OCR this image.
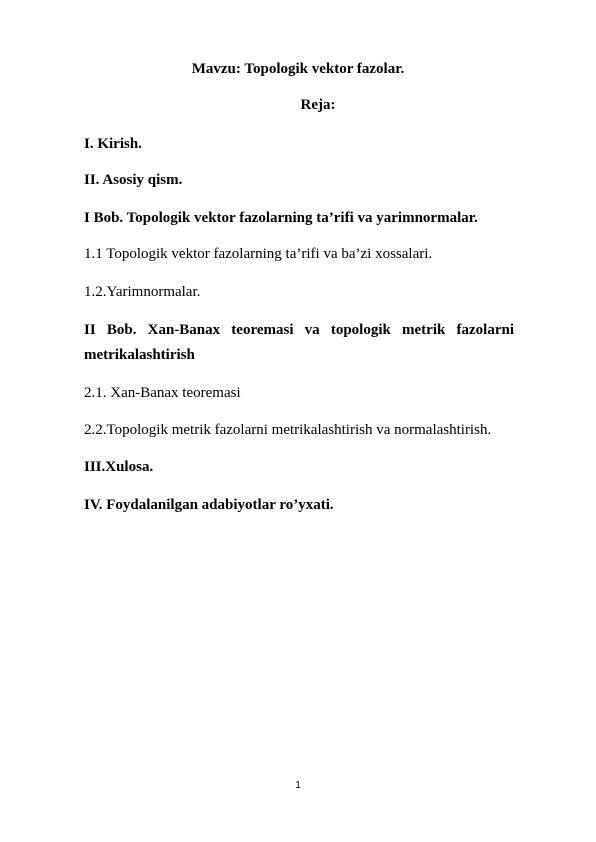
Mavzu: Topologik vektor fazolar.
Reja:
I. Kirish.
II. Asosiy qism.
I Bob. Topologik vektor fazolarning ta’rifi va yarimnormalar.
1.1 Topologik vektor fazolarning ta’rifi va ba’zi xossalari.
1.2.Yarimnormalar.
II Bob. Xan-Banax teoremasi va topologik metrik fazolarni
metrikalashtirish
2.1. Xan-Banax teoremasi
2.2.Topologik metrik fazolarni metrikalashtirish va normalashtirish.
III.Xulosa.
IV. Foydalanilgan adabiyotlar ro’yxati.
1
